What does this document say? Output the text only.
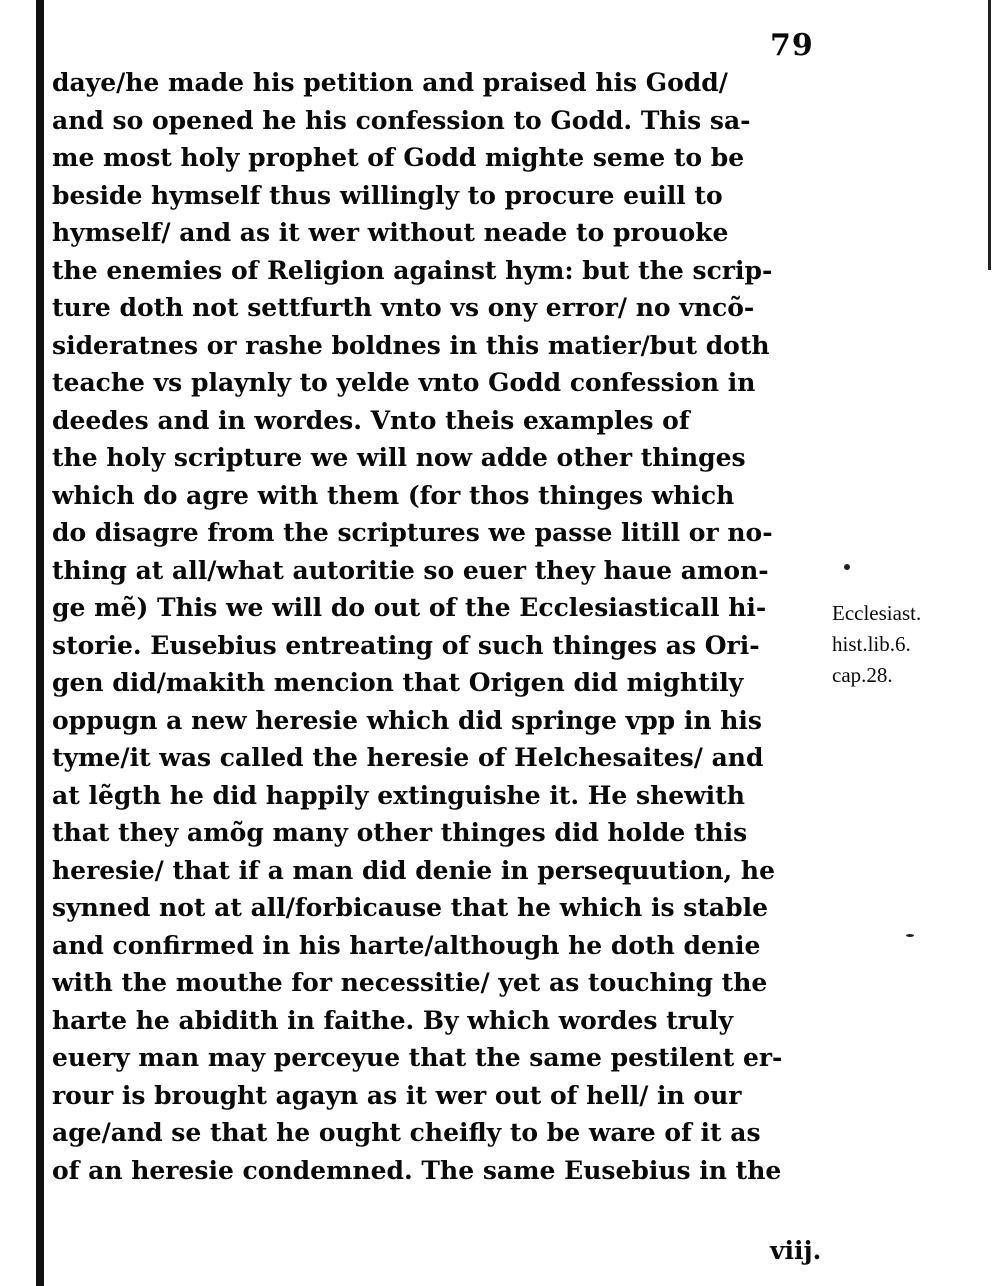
79
daye/he made his petition and praised his Godd/
and so opened he his confession to Godd. This sa-
me most holy prophet of Godd mighte seme to be
beside hymself thus willingly to procure euill to
hymself/ and as it wer without neade to prouoke
the enemies of Religion against hym: but the scrip-
ture doth not settfurth vnto vs ony error/ no vncõ-
sideratnes or rashe boldnes in this matier/but doth
teache vs playnly to yelde vnto Godd confession in
deedes and in wordes. Vnto theis examples of
the holy scripture we will now adde other thinges
which do agre with them (for thos thinges which
do disagre from the scriptures we passe litill or no-
thing at all/what autoritie so euer they haue amon-
ge mẽ) This we will do out of the Ecclesiasticall hi-
storie. Eusebius entreating of such thinges as Ori-
gen did/makith mencion that Origen did mightily
oppugn a new heresie which did springe vpp in his
tyme/it was called the heresie of Helchesaites/ and
at lẽgth he did happily extinguishe it. He shewith
that they amõg many other thinges did holde this
heresie/ that if a man did denie in persequution, he
synned not at all/forbicause that he which is stable
and confirmed in his harte/although he doth denie
with the mouthe for necessitie/ yet as touching the
harte he abidith in faithe. By which wordes truly
euery man may perceyue that the same pestilent er-
rour is brought agayn as it wer out of hell/ in our
age/and se that he ought cheifly to be ware of it as
of an heresie condemned. The same Eusebius in the
viij.
Ecclesiast.
hist.lib.6.
cap.28.
